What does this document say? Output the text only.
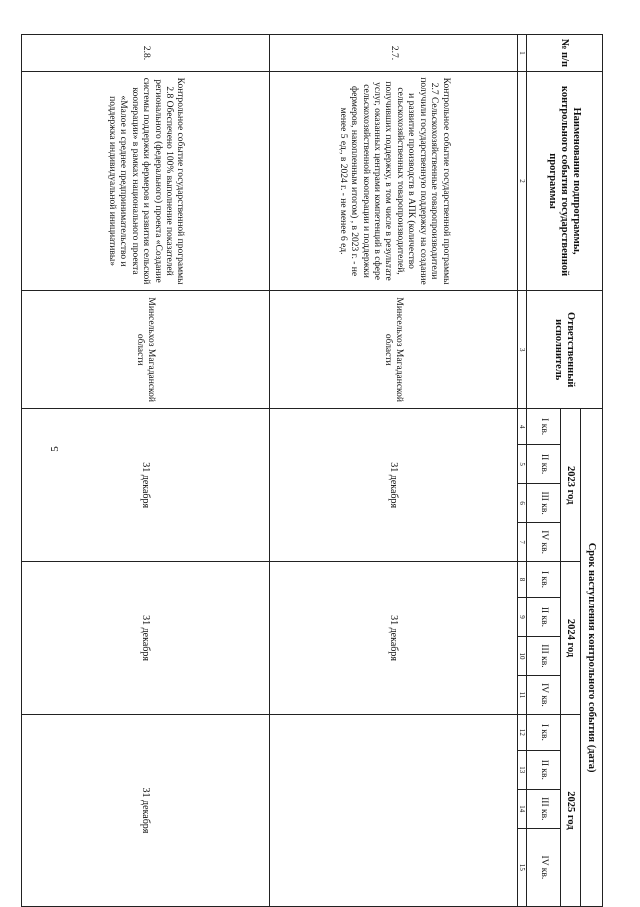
5
№ п/п	Наименование подпрограммы, контрольного события государственной программы	Ответственный исполнитель	Срок наступления контрольного события (дата)											
			2023 год				2024 год				2025 год			
			I кв.	II кв.	III кв.	IV кв.	I кв.	II кв.	III кв.	IV кв.	I кв.	II кв.	III кв.	IV кв.
1	2	3	4	5	6	7	8	9	10	11	12	13	14	15
2.7.	Контрольное событие государственной программы 2.7 Сельскохозяйственные товаропроизводители получили государственную поддержку на создание и развитие производств в АПК (количество сельскохозяйственных товаропроизводителей, получивших поддержку, в том числе в результате услуг, оказанных центрами компетенций в сфере сельскохозяйственной кооперации и поддержки фермеров, накопленным итогом) , в 2023 г. - не менее 5 ед., в 2024 г. - не менее 6 ед.	Минсельхоз Магаданской области	31 декабря				31 декабря							
2.8.	Контрольное событие государственной программы 2.8 Обеспечено 100% выполнение показателей регионального (федерального) проекта «Создание системы поддержки фермеров и развития сельской кооперации» в рамках национального проекта «Малое и среднее предпринимательство и поддержка индивидуальной инициативы»	Минсельхоз Магаданской области	31 декабря				31 декабря				31 декабря			
